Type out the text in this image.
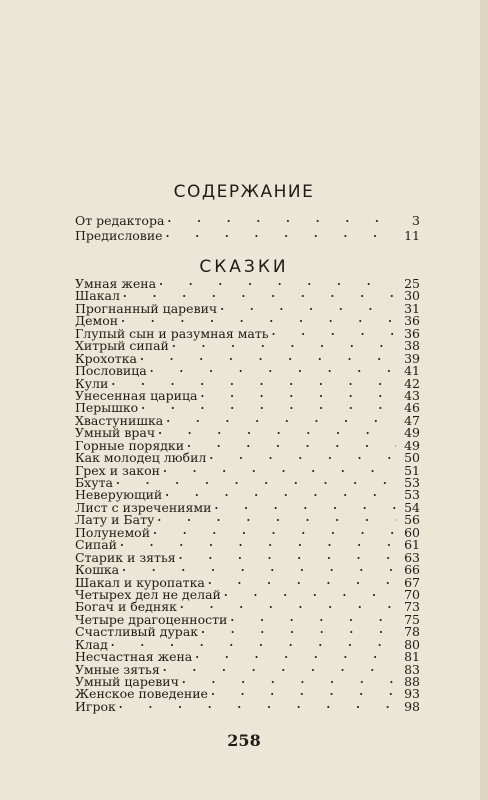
СОДЕРЖАНИЕ
От редактора · · ·	3
Предисловие · · ·	11
СКАЗКИ
Умная жена · · ·	25
Шакал · · ·	30
Прогнанный царевич · · ·	31
Демон · · ·	36
Глупый сын и разумная мать · · ·	36
Хитрый сипай · · ·	38
Крохотка · · ·	39
Пословица · · ·	41
Кули · · ·	42
Унесенная царица · · ·	43
Перышко · · ·	46
Хвастунишка · · ·	47
Умный врач · · ·	49
Горные порядки · · ·	49
Как молодец любил · · ·	50
Грех и закон · · ·	51
Бхута · · ·	53
Неверующий · · ·	53
Лист с изречениями · · ·	54
Лату и Бату · · ·	56
Полунемой · · ·	60
Сипай · · ·	61
Старик и зятья · · ·	63
Кошка · · ·	66
Шакал и куропатка · · ·	67
Четырех дел не делай · · ·	70
Богач и бедняк · · ·	73
Четыре драгоценности · · ·	75
Счастливый дурак · · ·	78
Клад · · ·	80
Несчастная жена · · ·	81
Умные зятья · · ·	83
Умный царевич · · ·	88
Женское поведение · · ·	93
Игрок · · ·	98
258
